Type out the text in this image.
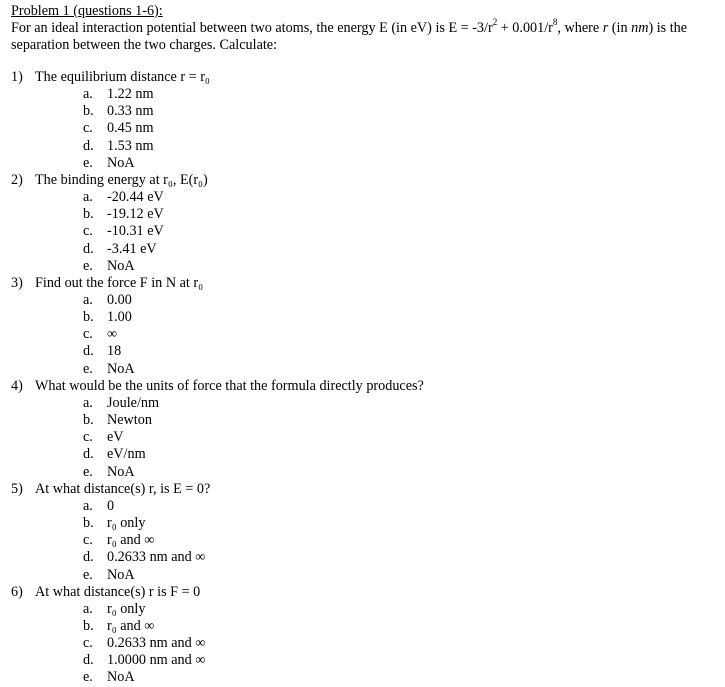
Problem 1 (questions 1-6):

For an ideal interaction potential between two atoms, the energy E (in eV) is $E = -3/r^2 + 0.001/r^8$, where r (in nm) is the separation between the two charges. Calculate:

1) The equilibrium distance r = r₀
a. 1.22 nm
b. 0.33 nm
c. 0.45 nm
d. 1.53 nm
e. NoA
2) The binding energy at r₀, E(r₀)
a. -20.44 eV
b. -19.12 eV
c. -10.31 eV
d. -3.41 eV
e. NoA
3) Find out the force F in N at r₀
a. 0.00
b. 1.00
c. ∞
d. 18
e. NoA
4) What would be the units of force that the formula directly produces?
a. Joule/nm
b. Newton
c. eV
d. eV/nm
e. NoA
5) At what distance(s) r, is E = 0?
a. 0
b. r₀ only
c. r₀ and ∞
d. 0.2633 nm and ∞
e. NoA
6) At what distance(s) r is F = 0
a. r₀ only
b. r₀ and ∞
c. 0.2633 nm and ∞
d. 1.0000 nm and ∞
e. NoA
